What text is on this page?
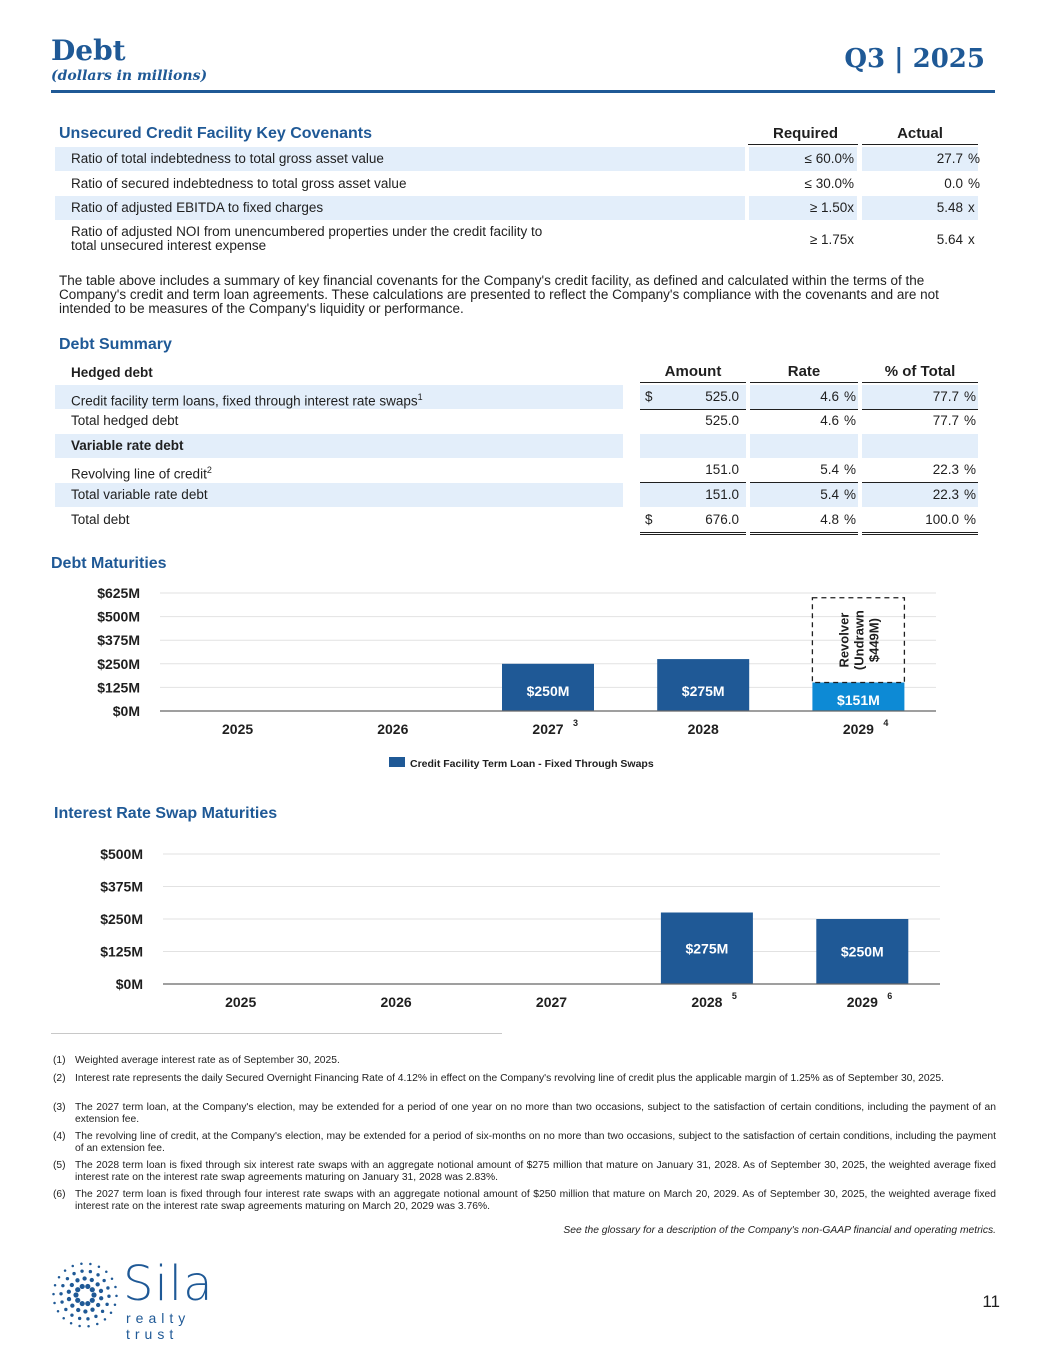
Debt
(dollars in millions)
Q3 | 2025
Unsecured Credit Facility Key Covenants	Required	Actual
Ratio of total indebtedness to total gross asset value	≤ 60.0%	27.7 %
Ratio of secured indebtedness to total gross asset value	≤ 30.0%	0.0 %
Ratio of adjusted EBITDA to fixed charges	≥ 1.50x	5.48 x
Ratio of adjusted NOI from unencumbered properties under the credit facility to
total unsecured interest expense	≥ 1.75x	5.64 x
The table above includes a summary of key financial covenants for the Company's credit facility, as defined and calculated within the terms of the Company's credit and term loan agreements. These calculations are presented to reflect the Company's compliance with the covenants and are not intended to be measures of the Company's liquidity or performance.
Debt Summary
Amount	Rate	% of Total
Hedged debt
Credit facility term loans, fixed through interest rate swaps$^1$	$	525.0	4.6 %	77.7 %
Total hedged debt	525.0	4.6 %	77.7 %
Variable rate debt
Revolving line of credit$^2$	151.0	5.4 %	22.3 %
Total variable rate debt	151.0	5.4 %	22.3 %
Total debt	$	676.0	4.8 %	100.0 %
Debt Maturities
$0M
$125M
$250M
$375M
$500M
$625M
2025	2026
$250M
2027
$275M
2028
$151M
Revolver (Undrawn $449M)
2029
3	4
Credit Facility Term Loan - Fixed Through Swaps
Interest Rate Swap Maturities
$0M
$125M
$250M
$375M
$500M
2025	2026	2027
$275M
2028 5
$250M
2029 6
(1) Weighted average interest rate as of September 30, 2025.
(2) Interest rate represents the daily Secured Overnight Financing Rate of 4.12% in effect on the Company's revolving line of credit plus the applicable margin of 1.25% as of September 30, 2025.
(3) The 2027 term loan, at the Company's election, may be extended for a period of one year on no more than two occasions, subject to the satisfaction of certain conditions, including the payment of an extension fee.
(4) The revolving line of credit, at the Company's election, may be extended for a period of six-months on no more than two occasions, subject to the satisfaction of certain conditions, including the payment of an extension fee.
(5) The 2028 term loan is fixed through six interest rate swaps with an aggregate notional amount of $275 million that mature on January 31, 2028. As of September 30, 2025, the weighted average fixed interest rate on the interest rate swap agreements maturing on January 31, 2028 was 2.83%.
(6) The 2027 term loan is fixed through four interest rate swaps with an aggregate notional amount of $250 million that mature on March 20, 2029. As of September 30, 2025, the weighted average fixed interest rate on the interest rate swap agreements maturing on March 20, 2029 was 3.76%.
See the glossary for a description of the Company's non-GAAP financial and operating metrics.
Sila
realty trust
11
